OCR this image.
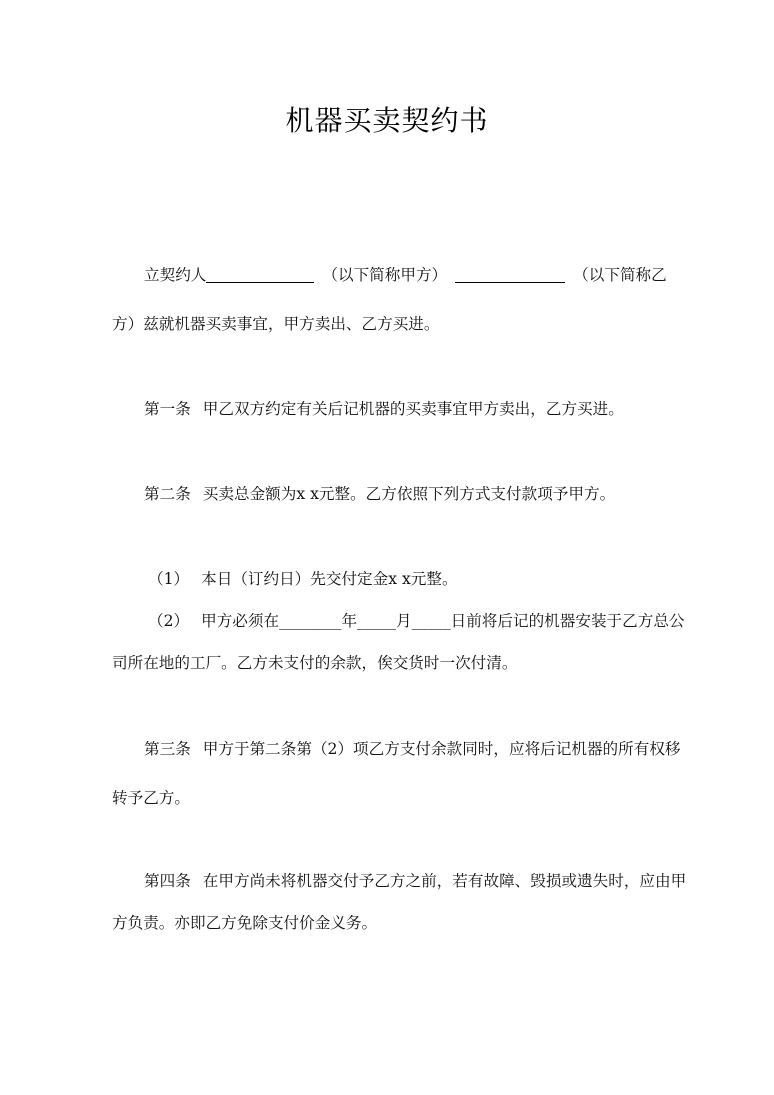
机器买卖契约书

立契约人	（以下简称甲方）	（以下简称乙

方）兹就机器买卖事宜，甲方卖出、乙方买进。

第一条 甲乙双方约定有关后记机器的买卖事宜甲方卖出，乙方买进。

第二条 买卖总金额为x x元整。乙方依照下列方式支付款项予甲方。

（1） 本日（订约日）先交付定金x x元整。

（2） 甲方必须在________年_____月_____日前将后记的机器安装于乙方总公

司所在地的工厂。乙方未支付的余款，俟交货时一次付清。

第三条 甲方于第二条第（2）项乙方支付余款同时，应将后记机器的所有权移

转予乙方。

第四条 在甲方尚未将机器交付予乙方之前，若有故障、毁损或遗失时，应由甲

方负责。亦即乙方免除支付价金义务。
